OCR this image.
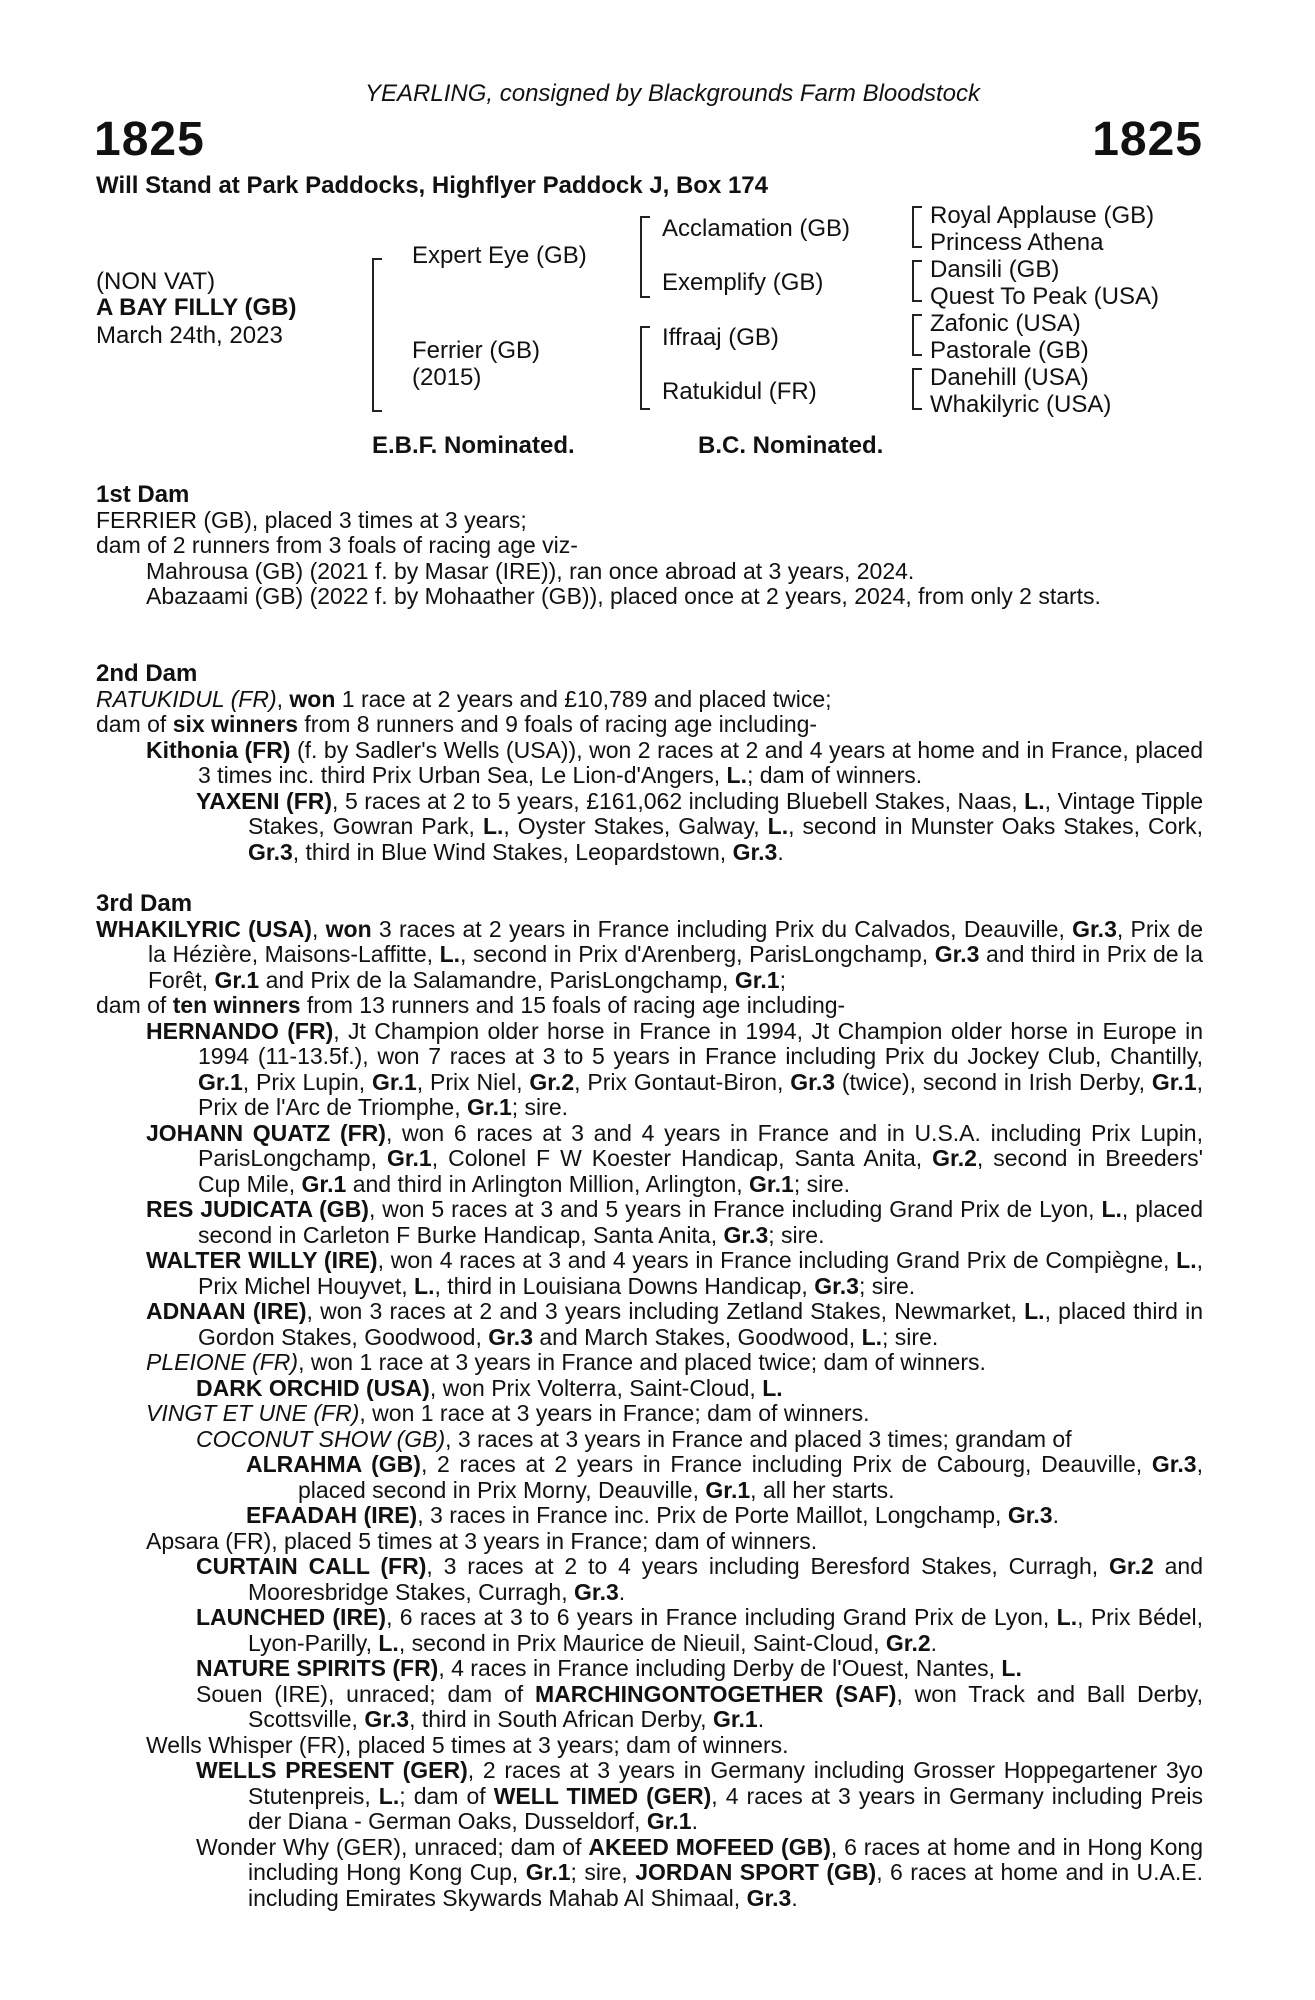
YEARLING, consigned by Blackgrounds Farm Bloodstock
1825	1825
Will Stand at Park Paddocks, Highflyer Paddock J, Box 174
(NON VAT)
A BAY FILLY (GB)
March 24th, 2023
Expert Eye (GB)
Ferrier (GB)
(2015)
Acclamation (GB)
Exemplify (GB)
Iffraaj (GB)
Ratukidul (FR)
Royal Applause (GB)
Princess Athena
Dansili (GB)
Quest To Peak (USA)
Zafonic (USA)
Pastorale (GB)
Danehill (USA)
Whakilyric (USA)
E.B.F. Nominated.	B.C. Nominated.
1st Dam

FERRIER (GB), placed 3 times at 3 years;

dam of 2 runners from 3 foals of racing age viz-

Mahrousa (GB) (2021 f. by Masar (IRE)), ran once abroad at 3 years, 2024.

Abazaami (GB) (2022 f. by Mohaather (GB)), placed once at 2 years, 2024, from only 2 starts.

2nd Dam

RATUKIDUL (FR), won 1 race at 2 years and £10,789 and placed twice;

dam of six winners from 8 runners and 9 foals of racing age including-

Kithonia (FR) (f. by Sadler's Wells (USA)), won 2 races at 2 and 4 years at home and in France, placed 3 times inc. third Prix Urban Sea, Le Lion-d'Angers, L.; dam of winners.

YAXENI (FR), 5 races at 2 to 5 years, £161,062 including Bluebell Stakes, Naas, L., Vintage Tipple Stakes, Gowran Park, L., Oyster Stakes, Galway, L., second in Munster Oaks Stakes, Cork, Gr.3, third in Blue Wind Stakes, Leopardstown, Gr.3.

3rd Dam

WHAKILYRIC (USA), won 3 races at 2 years in France including Prix du Calvados, Deauville, Gr.3, Prix de la Hézière, Maisons-Laffitte, L., second in Prix d'Arenberg, ParisLongchamp, Gr.3 and third in Prix de la Forêt, Gr.1 and Prix de la Salamandre, ParisLongchamp, Gr.1;

dam of ten winners from 13 runners and 15 foals of racing age including-

HERNANDO (FR), Jt Champion older horse in France in 1994, Jt Champion older horse in Europe in 1994 (11-13.5f.), won 7 races at 3 to 5 years in France including Prix du Jockey Club, Chantilly, Gr.1, Prix Lupin, Gr.1, Prix Niel, Gr.2, Prix Gontaut-Biron, Gr.3 (twice), second in Irish Derby, Gr.1, Prix de l'Arc de Triomphe, Gr.1; sire.

JOHANN QUATZ (FR), won 6 races at 3 and 4 years in France and in U.S.A. including Prix Lupin, ParisLongchamp, Gr.1, Colonel F W Koester Handicap, Santa Anita, Gr.2, second in Breeders' Cup Mile, Gr.1 and third in Arlington Million, Arlington, Gr.1; sire.

RES JUDICATA (GB), won 5 races at 3 and 5 years in France including Grand Prix de Lyon, L., placed second in Carleton F Burke Handicap, Santa Anita, Gr.3; sire.

WALTER WILLY (IRE), won 4 races at 3 and 4 years in France including Grand Prix de Compiègne, L., Prix Michel Houyvet, L., third in Louisiana Downs Handicap, Gr.3; sire.

ADNAAN (IRE), won 3 races at 2 and 3 years including Zetland Stakes, Newmarket, L., placed third in Gordon Stakes, Goodwood, Gr.3 and March Stakes, Goodwood, L.; sire.

PLEIONE (FR), won 1 race at 3 years in France and placed twice; dam of winners.

DARK ORCHID (USA), won Prix Volterra, Saint-Cloud, L.

VINGT ET UNE (FR), won 1 race at 3 years in France; dam of winners.

COCONUT SHOW (GB), 3 races at 3 years in France and placed 3 times; grandam of

ALRAHMA (GB), 2 races at 2 years in France including Prix de Cabourg, Deauville, Gr.3, placed second in Prix Morny, Deauville, Gr.1, all her starts.

EFAADAH (IRE), 3 races in France inc. Prix de Porte Maillot, Longchamp, Gr.3.

Apsara (FR), placed 5 times at 3 years in France; dam of winners.

CURTAIN CALL (FR), 3 races at 2 to 4 years including Beresford Stakes, Curragh, Gr.2 and Mooresbridge Stakes, Curragh, Gr.3.

LAUNCHED (IRE), 6 races at 3 to 6 years in France including Grand Prix de Lyon, L., Prix Bédel, Lyon-Parilly, L., second in Prix Maurice de Nieuil, Saint-Cloud, Gr.2.

NATURE SPIRITS (FR), 4 races in France including Derby de l'Ouest, Nantes, L.

Souen (IRE), unraced; dam of MARCHINGONTOGETHER (SAF), won Track and Ball Derby, Scottsville, Gr.3, third in South African Derby, Gr.1.

Wells Whisper (FR), placed 5 times at 3 years; dam of winners.

WELLS PRESENT (GER), 2 races at 3 years in Germany including Grosser Hoppegartener 3yo Stutenpreis, L.; dam of WELL TIMED (GER), 4 races at 3 years in Germany including Preis der Diana - German Oaks, Dusseldorf, Gr.1.

Wonder Why (GER), unraced; dam of AKEED MOFEED (GB), 6 races at home and in Hong Kong including Hong Kong Cup, Gr.1; sire, JORDAN SPORT (GB), 6 races at home and in U.A.E. including Emirates Skywards Mahab Al Shimaal, Gr.3.
